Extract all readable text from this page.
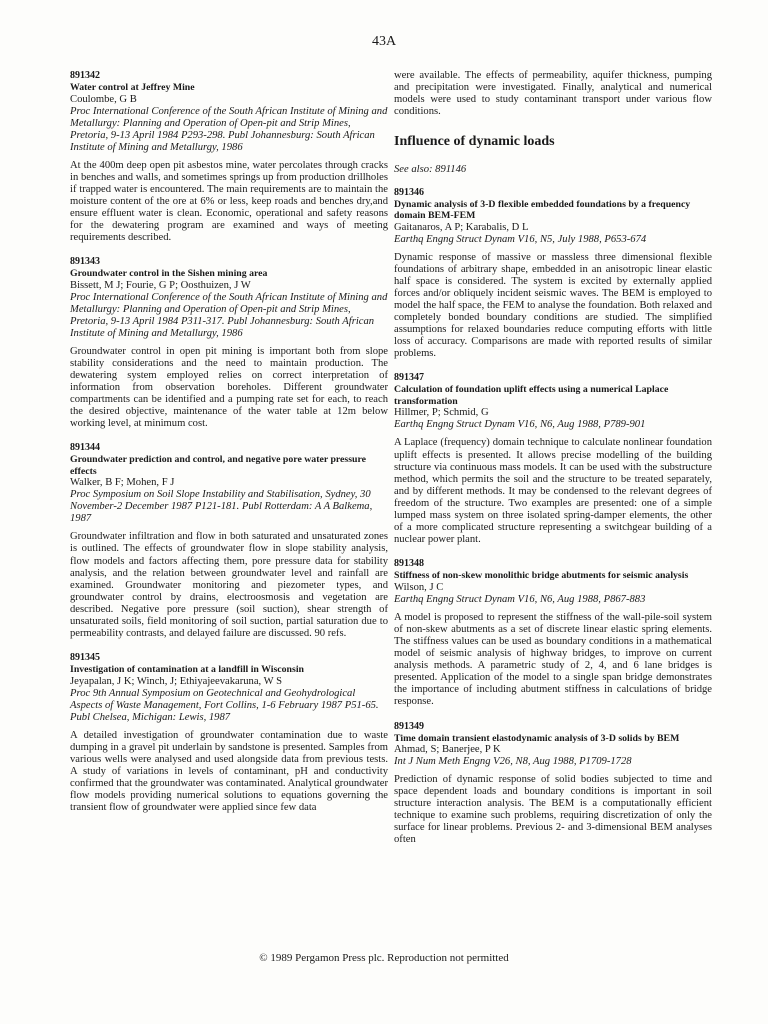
43A
891342
Water control at Jeffrey Mine
Coulombe, G B
Proc International Conference of the South African Institute of Mining and Metallurgy: Planning and Operation of Open-pit and Strip Mines, Pretoria, 9-13 April 1984 P293-298. Publ Johannesburg: South African Institute of Mining and Metallurgy, 1986
At the 400m deep open pit asbestos mine, water percolates through cracks in benches and walls, and sometimes springs up from production drillholes if trapped water is encountered. The main requirements are to maintain the moisture content of the ore at 6% or less, keep roads and benches dry,and ensure effluent water is clean. Economic, operational and safety reasons for the dewatering program are examined and ways of meeting requirements described.
891343
Groundwater control in the Sishen mining area
Bissett, M J; Fourie, G P; Oosthuizen, J W
Proc International Conference of the South African Institute of Mining and Metallurgy: Planning and Operation of Open-pit and Strip Mines, Pretoria, 9-13 April 1984 P311-317. Publ Johannesburg: South African Institute of Mining and Metallurgy, 1986
Groundwater control in open pit mining is important both from slope stability considerations and the need to maintain production. The dewatering system employed relies on correct interpretation of information from observation boreholes. Different groundwater compartments can be identified and a pumping rate set for each, to reach the desired objective, maintenance of the water table at 12m below working level, at minimum cost.
891344
Groundwater prediction and control, and negative pore water pressure effects
Walker, B F; Mohen, F J
Proc Symposium on Soil Slope Instability and Stabilisation, Sydney, 30 November-2 December 1987 P121-181. Publ Rotterdam: A A Balkema, 1987
Groundwater infiltration and flow in both saturated and unsaturated zones is outlined. The effects of groundwater flow in slope stability analysis, flow models and factors affecting them, pore pressure data for stability analysis, and the relation between groundwater level and rainfall are examined. Groundwater monitoring and piezometer types, and groundwater control by drains, electroosmosis and vegetation are described. Negative pore pressure (soil suction), shear strength of unsaturated soils, field monitoring of soil suction, partial saturation due to permeability contrasts, and delayed failure are discussed. 90 refs.
891345
Investigation of contamination at a landfill in Wisconsin
Jeyapalan, J K; Winch, J; Ethiyajeevakaruna, W S
Proc 9th Annual Symposium on Geotechnical and Geohydrological Aspects of Waste Management, Fort Collins, 1-6 February 1987 P51-65. Publ Chelsea, Michigan: Lewis, 1987
A detailed investigation of groundwater contamination due to waste dumping in a gravel pit underlain by sandstone is presented. Samples from various wells were analysed and used alongside data from previous tests. A study of variations in levels of contaminant, pH and conductivity confirmed that the groundwater was contaminated. Analytical groundwater flow models providing numerical solutions to equations governing the transient flow of groundwater were applied since few data
were available. The effects of permeability, aquifer thickness, pumping and precipitation were investigated. Finally, analytical and numerical models were used to study contaminant transport under various flow conditions.
Influence of dynamic loads
See also: 891146
891346
Dynamic analysis of 3-D flexible embedded foundations by a frequency domain BEM-FEM
Gaitanaros, A P; Karabalis, D L
Earthq Engng Struct Dynam V16, N5, July 1988, P653-674
Dynamic response of massive or massless three dimensional flexible foundations of arbitrary shape, embedded in an anisotropic linear elastic half space is considered. The system is excited by externally applied forces and/or obliquely incident seismic waves. The BEM is employed to model the half space, the FEM to analyse the foundation. Both relaxed and completely bonded boundary conditions are studied. The simplified assumptions for relaxed boundaries reduce computing efforts with little loss of accuracy. Comparisons are made with reported results of similar problems.
891347
Calculation of foundation uplift effects using a numerical Laplace transformation
Hillmer, P; Schmid, G
Earthq Engng Struct Dynam V16, N6, Aug 1988, P789-901
A Laplace (frequency) domain technique to calculate nonlinear foundation uplift effects is presented. It allows precise modelling of the building structure via continuous mass models. It can be used with the substructure method, which permits the soil and the structure to be treated separately, and by different methods. It may be condensed to the relevant degrees of freedom of the structure. Two examples are presented: one of a simple lumped mass system on three isolated spring-damper elements, the other of a more complicated structure representing a switchgear building of a nuclear power plant.
891348
Stiffness of non-skew monolithic bridge abutments for seismic analysis
Wilson, J C
Earthq Engng Struct Dynam V16, N6, Aug 1988, P867-883
A model is proposed to represent the stiffness of the wall-pile-soil system of non-skew abutments as a set of discrete linear elastic spring elements. The stiffness values can be used as boundary conditions in a mathematical model of seismic analysis of highway bridges, to improve on current analysis methods. A parametric study of 2, 4, and 6 lane bridges is presented. Application of the model to a single span bridge demonstrates the importance of including abutment stiffness in calculations of bridge response.
891349
Time domain transient elastodynamic analysis of 3-D solids by BEM
Ahmad, S; Banerjee, P K
Int J Num Meth Engng V26, N8, Aug 1988, P1709-1728
Prediction of dynamic response of solid bodies subjected to time and space dependent loads and boundary conditions is important in soil structure interaction analysis. The BEM is a computationally efficient technique to examine such problems, requiring discretization of only the surface for linear problems. Previous 2- and 3-dimensional BEM analyses often
© 1989 Pergamon Press plc. Reproduction not permitted
